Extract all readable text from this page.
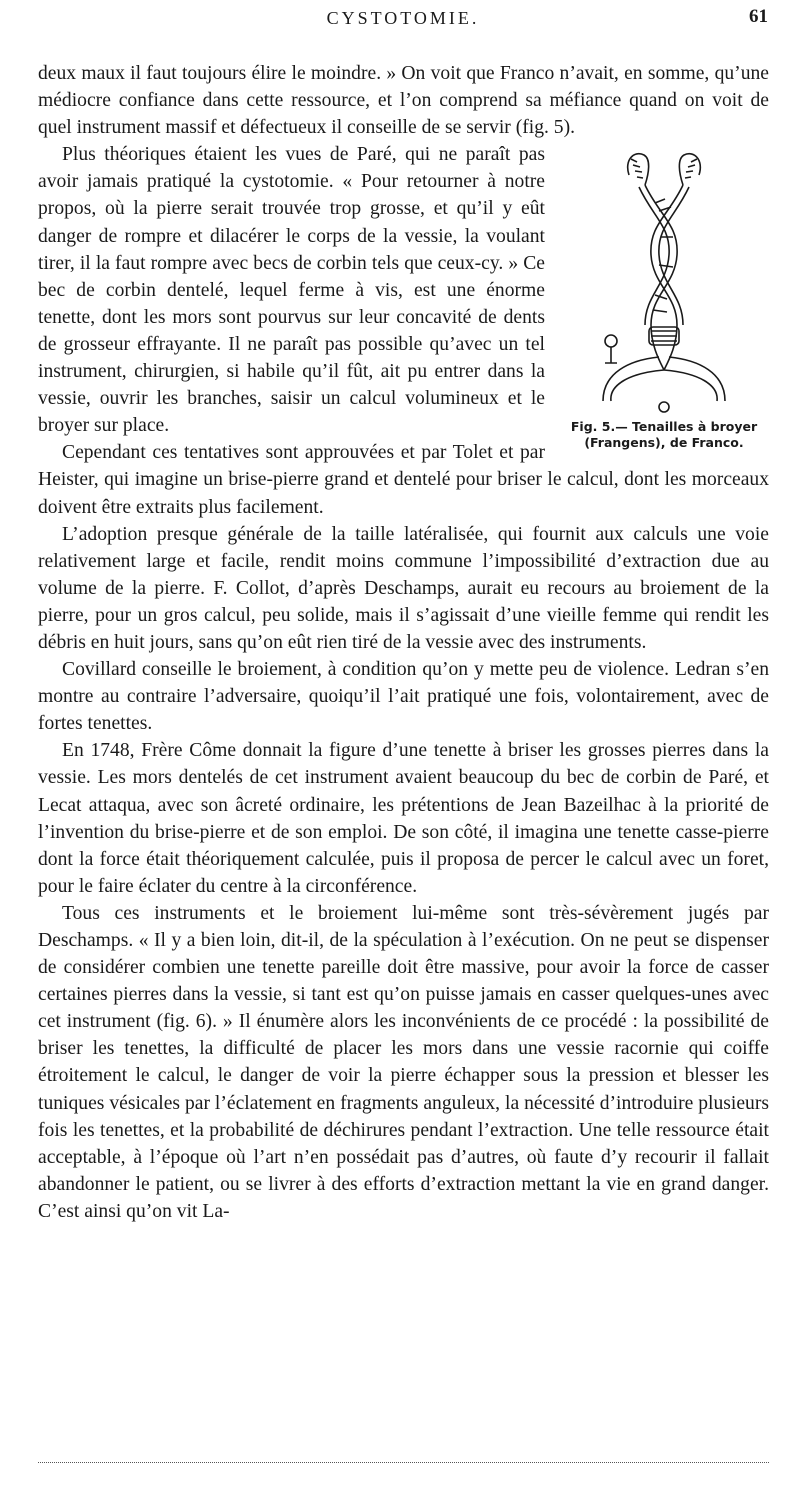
CYSTOTOMIE.	61

deux maux il faut toujours élire le moindre. » On voit que Franco n’avait, en somme, qu’une médiocre confiance dans cette ressource, et l’on comprend sa méfiance quand on voit de quel instrument massif et défectueux il conseille de se servir (fig. 5).

Fig. 5.— Tenailles à broyer
(Frangens), de Franco.

Plus théoriques étaient les vues de Paré, qui ne paraît pas avoir jamais pratiqué la cystotomie. « Pour retourner à notre propos, où la pierre serait trouvée trop grosse, et qu’il y eût danger de rompre et dilacérer le corps de la vessie, la voulant tirer, il la faut rompre avec becs de corbin tels que ceux-cy. » Ce bec de corbin dentelé, lequel ferme à vis, est une énorme tenette, dont les mors sont pourvus sur leur concavité de dents de grosseur effrayante. Il ne paraît pas possible qu’avec un tel instrument, chirurgien, si habile qu’il fût, ait pu entrer dans la vessie, ouvrir les branches, saisir un calcul volumineux et le broyer sur place.

Cependant ces tentatives sont approuvées et par Tolet et par Heister, qui imagine un brise-pierre grand et dentelé pour briser le calcul, dont les morceaux doivent être extraits plus facilement.

L’adoption presque générale de la taille latéralisée, qui fournit aux calculs une voie relativement large et facile, rendit moins commune l’impossibilité d’extraction due au volume de la pierre. F. Collot, d’après Deschamps, aurait eu recours au broiement de la pierre, pour un gros calcul, peu solide, mais il s’agissait d’une vieille femme qui rendit les débris en huit jours, sans qu’on eût rien tiré de la vessie avec des instruments.

Covillard conseille le broiement, à condition qu’on y mette peu de violence. Ledran s’en montre au contraire l’adversaire, quoiqu’il l’ait pratiqué une fois, volontairement, avec de fortes tenettes.

En 1748, Frère Côme donnait la figure d’une tenette à briser les grosses pierres dans la vessie. Les mors dentelés de cet instrument avaient beaucoup du bec de corbin de Paré, et Lecat attaqua, avec son âcreté ordinaire, les prétentions de Jean Bazeilhac à la priorité de l’invention du brise-pierre et de son emploi. De son côté, il imagina une tenette casse-pierre dont la force était théoriquement calculée, puis il proposa de percer le calcul avec un foret, pour le faire éclater du centre à la circonférence.

Tous ces instruments et le broiement lui-même sont très-sévèrement jugés par Deschamps. « Il y a bien loin, dit-il, de la spéculation à l’exécution. On ne peut se dispenser de considérer combien une tenette pareille doit être massive, pour avoir la force de casser certaines pierres dans la vessie, si tant est qu’on puisse jamais en casser quelques-unes avec cet instrument (fig. 6). » Il énumère alors les inconvénients de ce procédé : la possibilité de briser les tenettes, la difficulté de placer les mors dans une vessie racornie qui coiffe étroitement le calcul, le danger de voir la pierre échapper sous la pression et blesser les tuniques vésicales par l’éclatement en fragments anguleux, la nécessité d’introduire plusieurs fois les tenettes, et la probabilité de déchirures pendant l’extraction. Une telle ressource était acceptable, à l’époque où l’art n’en possédait pas d’autres, où faute d’y recourir il fallait abandonner le patient, ou se livrer à des efforts d’extraction mettant la vie en grand danger. C’est ainsi qu’on vit La-
